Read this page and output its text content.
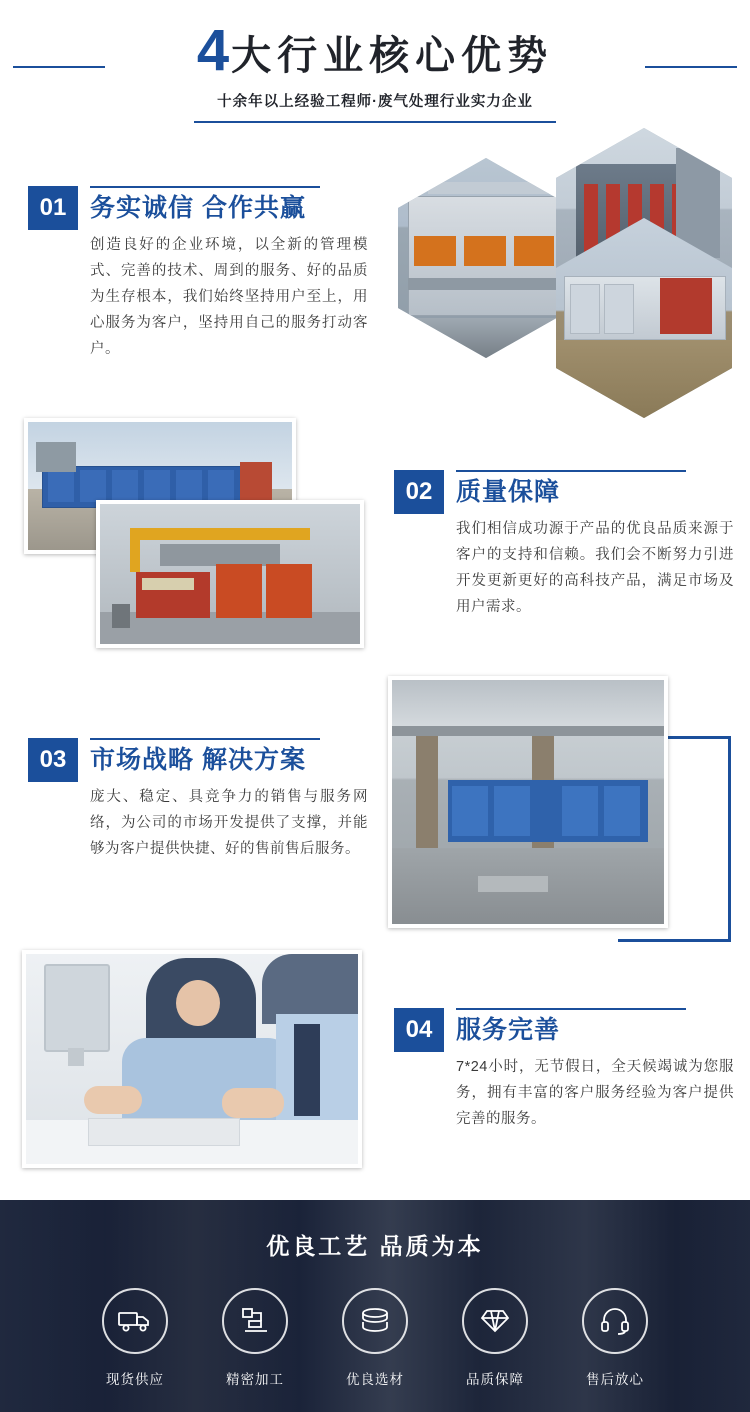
4 大行业核心优势
十余年以上经验工程师·废气处理行业实力企业
01 务实诚信 合作共赢
创造良好的企业环境，以全新的管理模式、完善的技术、周到的服务、好的品质为生存根本，我们始终坚持用户至上，用心服务为客户，坚持用自己的服务打动客户。
02 质量保障
我们相信成功源于产品的优良品质来源于客户的支持和信赖。我们会不断努力引进开发更新更好的高科技产品，满足市场及用户需求。
03 市场战略 解决方案
庞大、稳定、具竞争力的销售与服务网络，为公司的市场开发提供了支撑，并能够为客户提供快捷、好的售前售后服务。
04 服务完善
7*24小时，无节假日，全天候竭诚为您服务，拥有丰富的客户服务经验为客户提供完善的服务。
优良工艺 品质为本
现货供应	精密加工	优良选材	品质保障	售后放心
